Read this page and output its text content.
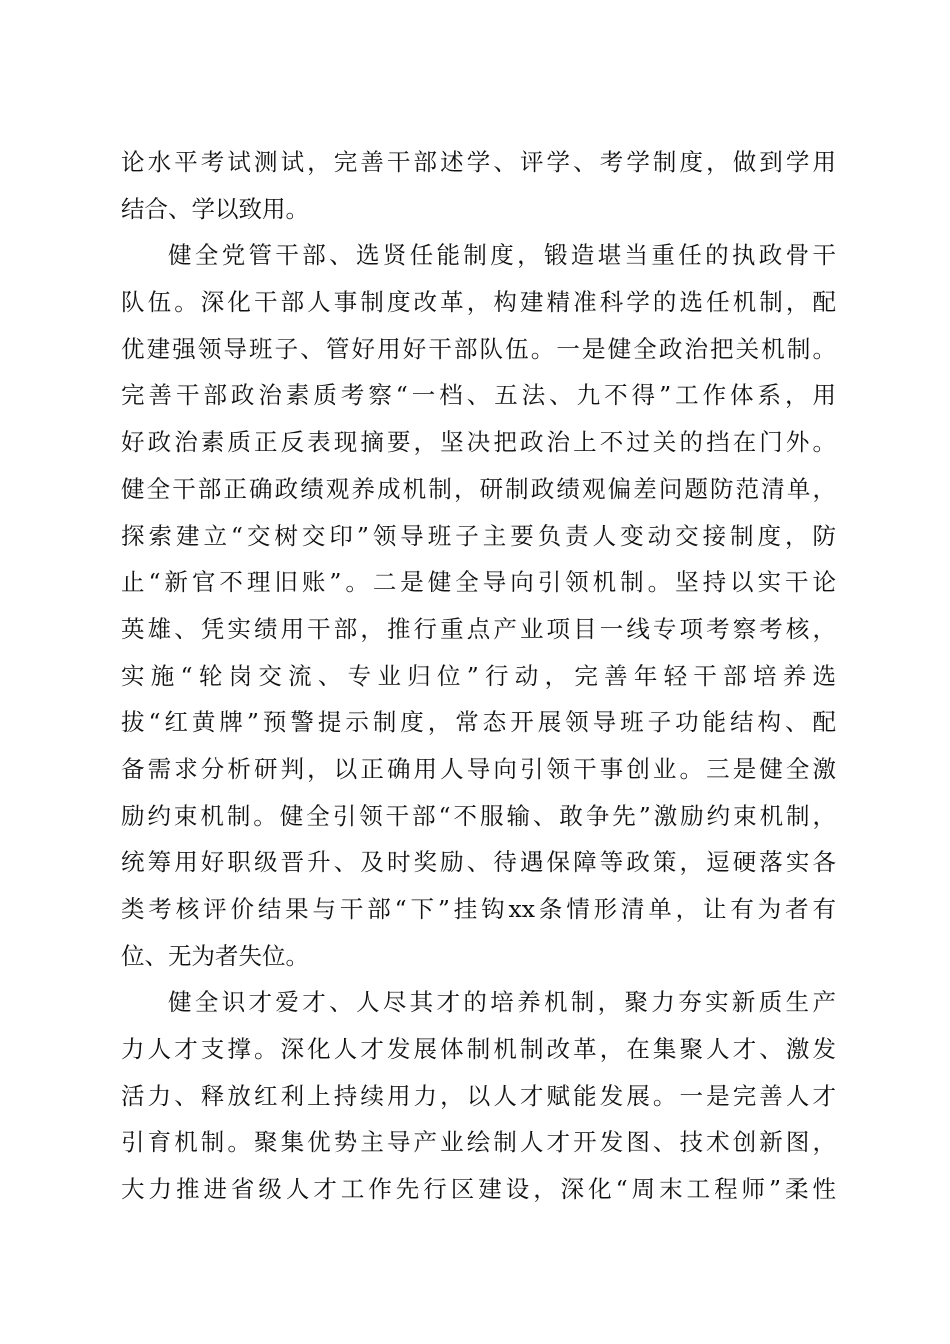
论水平考试测试，完善干部述学、评学、考学制度，做到学用
结合、学以致用。
健全党管干部、选贤任能制度，锻造堪当重任的执政骨干
队伍。深化干部人事制度改革，构建精准科学的选任机制，配
优建强领导班子、管好用好干部队伍。一是健全政治把关机制。
完善干部政治素质考察“一档、五法、九不得”工作体系，用
好政治素质正反表现摘要，坚决把政治上不过关的挡在门外。
健全干部正确政绩观养成机制，研制政绩观偏差问题防范清单，
探索建立“交树交印”领导班子主要负责人变动交接制度，防
止“新官不理旧账”。二是健全导向引领机制。坚持以实干论
英雄、凭实绩用干部，推行重点产业项目一线专项考察考核，
实施“轮岗交流、专业归位”行动，完善年轻干部培养选
拔“红黄牌”预警提示制度，常态开展领导班子功能结构、配
备需求分析研判，以正确用人导向引领干事创业。三是健全激
励约束机制。健全引领干部“不服输、敢争先”激励约束机制，
统筹用好职级晋升、及时奖励、待遇保障等政策，逗硬落实各
类考核评价结果与干部“下”挂钩xx条情形清单，让有为者有
位、无为者失位。
健全识才爱才、人尽其才的培养机制，聚力夯实新质生产
力人才支撑。深化人才发展体制机制改革，在集聚人才、激发
活力、释放红利上持续用力，以人才赋能发展。一是完善人才
引育机制。聚集优势主导产业绘制人才开发图、技术创新图，
大力推进省级人才工作先行区建设，深化“周末工程师”柔性
